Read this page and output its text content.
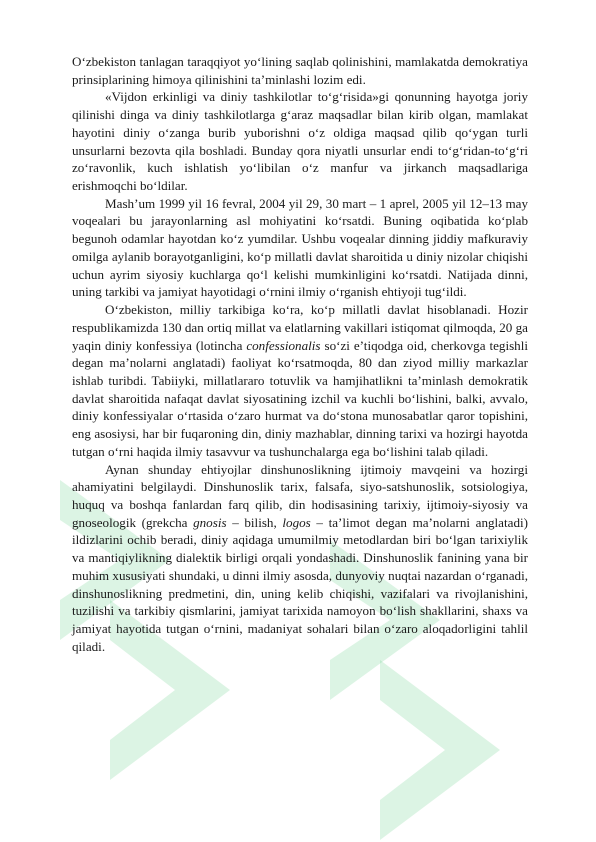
O‘zbekiston tanlagan taraqqiyot yo‘lining saqlab qolinishini, mamlakatda demokratiya prinsiplarining himoya qilinishini ta’minlashi lozim edi.

«Vijdon erkinligi va diniy tashkilotlar to‘g‘risida»gi qonunning hayotga joriy qilinishi dinga va diniy tashkilotlarga g‘araz maqsadlar bilan kirib olgan, mamlakat hayotini diniy o‘zanga burib yuborishni o‘z oldiga maqsad qilib qo‘ygan turli unsurlarni bezovta qila boshladi. Bunday qora niyatli unsurlar endi to‘g‘ridan-to‘g‘ri zo‘ravonlik, kuch ishlatish yo‘libilan o‘z manfur va jirkanch maqsadlariga erishmoqchi bo‘ldilar.

Mash’um 1999 yil 16 fevral, 2004 yil 29, 30 mart – 1 aprel, 2005 yil 12–13 may voqealari bu jarayonlarning asl mohiyatini ko‘rsatdi. Buning oqibatida ko‘plab begunoh odamlar hayotdan ko‘z yumdilar. Ushbu voqealar dinning jiddiy mafkuraviy omilga aylanib borayotganligini, ko‘p millatli davlat sharoitida u diniy nizolar chiqishi uchun ayrim siyosiy kuchlarga qo‘l kelishi mumkinligini ko‘rsatdi. Natijada dinni, uning tarkibi va jamiyat hayotidagi o‘rnini ilmiy o‘rganish ehtiyoji tug‘ildi.

O‘zbekiston, milliy tarkibiga ko‘ra, ko‘p millatli davlat hisoblanadi. Hozir respublikamizda 130 dan ortiq millat va elatlarning vakillari istiqomat qilmoqda, 20 ga yaqin diniy konfessiya (lotincha confessionalis so‘zi e’tiqodga oid, cherkovga tegishli degan ma’nolarni anglatadi) faoliyat ko‘rsatmoqda, 80 dan ziyod milliy markazlar ishlab turibdi. Tabiiyki, millatlararo totuvlik va hamjihatlikni ta’minlash demokratik davlat sharoitida nafaqat davlat siyosatining izchil va kuchli bo‘lishini, balki, avvalo, diniy konfessiyalar o‘rtasida o‘zaro hurmat va do‘stona munosabatlar qaror topishini, eng asosiysi, har bir fuqaroning din, diniy mazhablar, dinning tarixi va hozirgi hayotda tutgan o‘rni haqida ilmiy tasavvur va tushunchalarga ega bo‘lishini talab qiladi.

Aynan shunday ehtiyojlar dinshunoslikning ijtimoiy mavqeini va hozirgi ahamiyatini belgilaydi. Dinshunoslik tarix, falsafa, siyo-satshunoslik, sotsiologiya, huquq va boshqa fanlardan farq qilib, din hodisasining tarixiy, ijtimoiy-siyosiy va gnoseologik (grekcha gnosis – bilish, logos – ta’limot degan ma’nolarni anglatadi) ildizlarini ochib beradi, diniy aqidaga umumilmiy metodlardan biri bo‘lgan tarixiylik va mantiqiylikning dialektik birligi orqali yondashadi. Dinshunoslik fanining yana bir muhim xususiyati shundaki, u dinni ilmiy asosda, dunyoviy nuqtai nazardan o‘rganadi, dinshunoslikning predmetini, din, uning kelib chiqishi, vazifalari va rivojlanishini, tuzilishi va tarkibiy qismlarini, jamiyat tarixida namoyon bo‘lish shakllarini, shaxs va jamiyat hayotida tutgan o‘rnini, madaniyat sohalari bilan o‘zaro aloqadorligini tahlil qiladi.
